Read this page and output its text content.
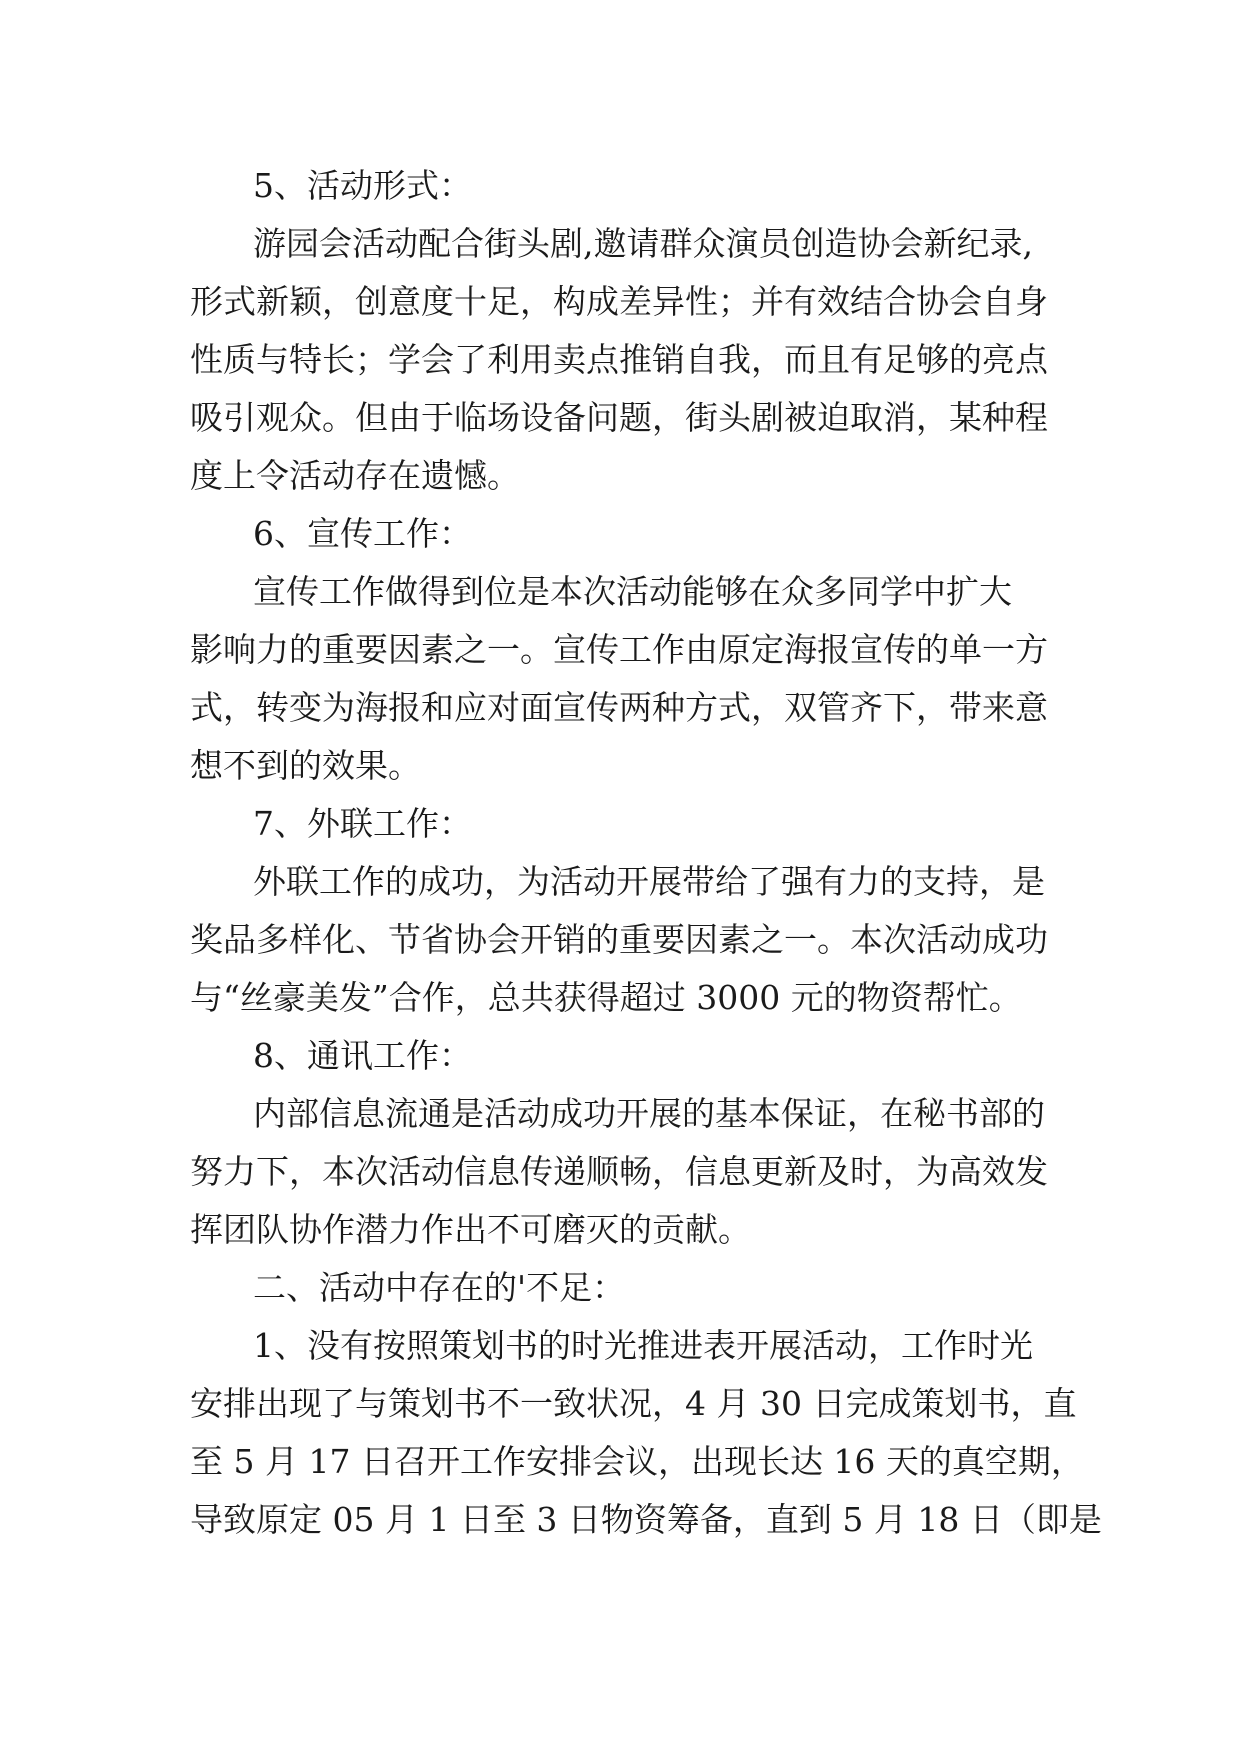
5、活动形式：
游园会活动配合街头剧,邀请群众演员创造协会新纪录,
形式新颖，创意度十足，构成差异性；并有效结合协会自身
性质与特长；学会了利用卖点推销自我，而且有足够的亮点
吸引观众。但由于临场设备问题，街头剧被迫取消，某种程
度上令活动存在遗憾。
6、宣传工作：
宣传工作做得到位是本次活动能够在众多同学中扩大
影响力的重要因素之一。宣传工作由原定海报宣传的单一方
式，转变为海报和应对面宣传两种方式，双管齐下，带来意
想不到的效果。
7、外联工作：
外联工作的成功，为活动开展带给了强有力的支持，是
奖品多样化、节省协会开销的重要因素之一。本次活动成功
与“丝豪美发”合作，总共获得超过 3000 元的物资帮忙。
8、通讯工作：
内部信息流通是活动成功开展的基本保证，在秘书部的
努力下，本次活动信息传递顺畅，信息更新及时，为高效发
挥团队协作潜力作出不可磨灭的贡献。
二、活动中存在的'不足：
1、没有按照策划书的时光推进表开展活动，工作时光
安排出现了与策划书不一致状况，4 月 30 日完成策划书，直
至 5 月 17 日召开工作安排会议，出现长达 16 天的真空期，
导致原定 05 月 1 日至 3 日物资筹备，直到 5 月 18 日（即是
